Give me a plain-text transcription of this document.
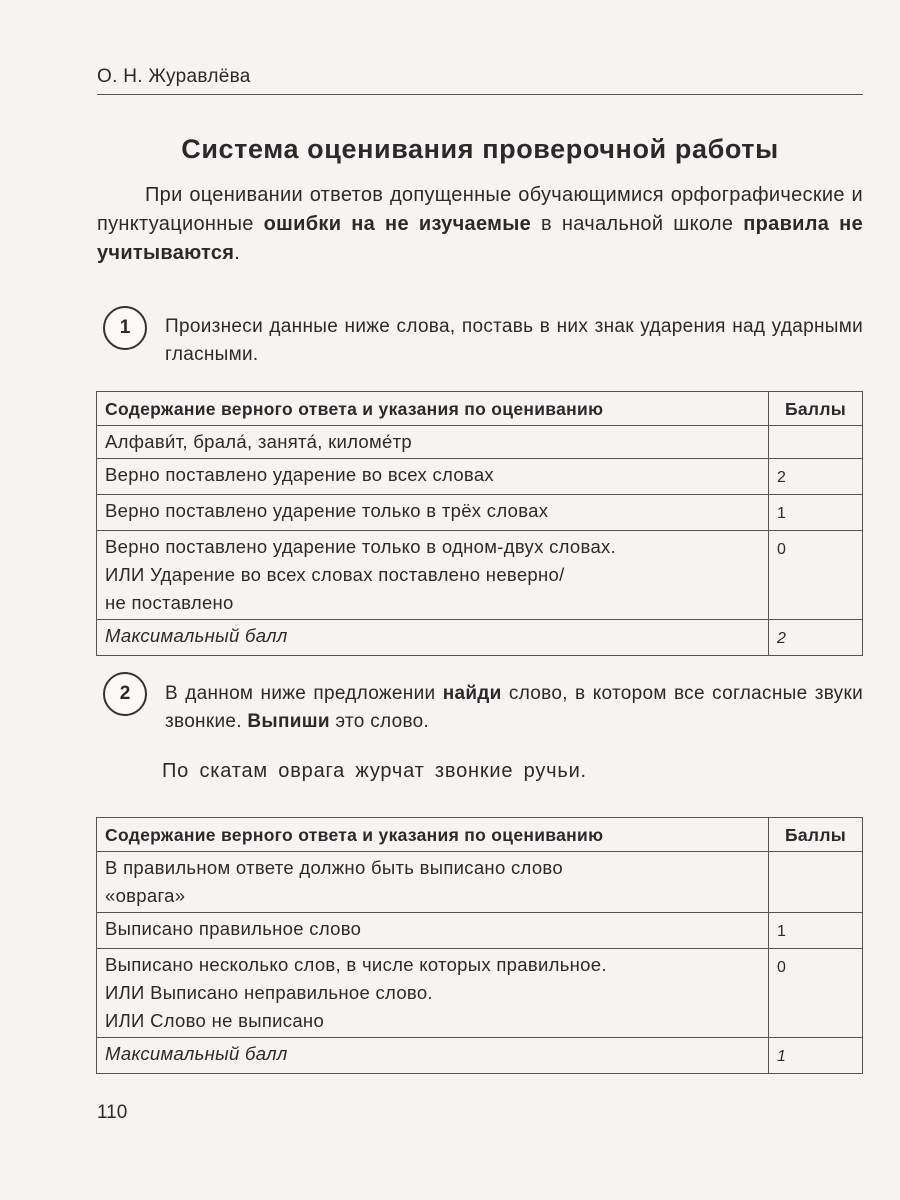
О. Н. Журавлёва
Система оценивания проверочной работы

При оценивании ответов допущенные обучающимися орфографические и пунктуационные ошибки на не изучаемые в начальной школе правила не учитываются.

1	Произнеси данные ниже слова, поставь в них знак ударения над ударными гласными.
Содержание верного ответа и указания по оцениванию	Баллы
Алфави́т, брала́, занята́, киломе́тр	
Верно поставлено ударение во всех словах	2
Верно поставлено ударение только в трёх словах	1
Верно поставлено ударение только в одном-двух словах.
ИЛИ Ударение во всех словах поставлено неверно/
не поставлено	0
Максимальный балл	2
2	В данном ниже предложении найди слово, в котором все согласные звуки звонкие. Выпиши это слово.
По скатам оврага журчат звонкие ручьи.
Содержание верного ответа и указания по оцениванию	Баллы
В правильном ответе должно быть выписано слово
«оврага»	
Выписано правильное слово	1
Выписано несколько слов, в числе которых правильное.
ИЛИ Выписано неправильное слово.
ИЛИ Слово не выписано	0
Максимальный балл	1
110
